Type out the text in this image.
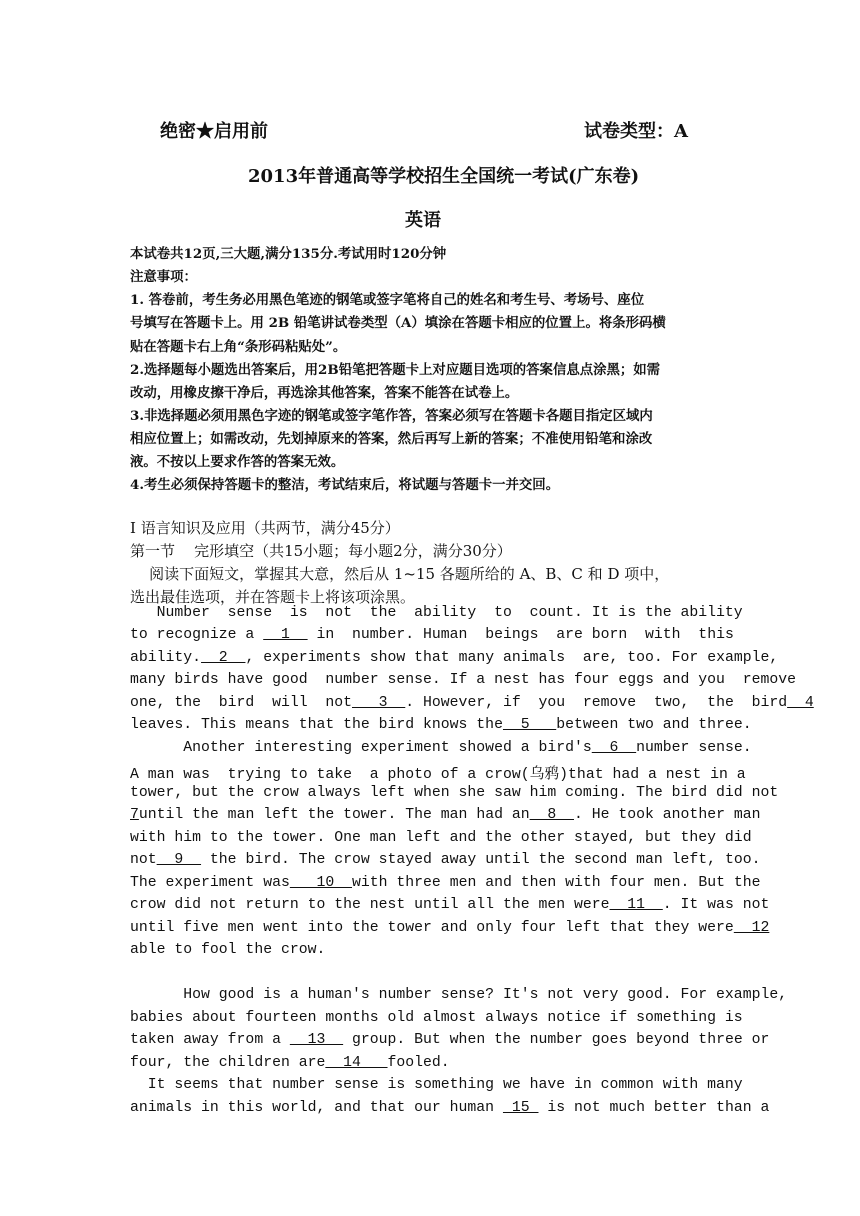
绝密★启用前	试卷类型：A
2013年普通高等学校招生全国统一考试(广东卷)
英语
本试卷共12页,三大题,满分135分.考试用时120分钟
注意事项：
1. 答卷前，考生务必用黑色笔迹的钢笔或签字笔将自己的姓名和考生号、考场号、座位
号填写在答题卡上。用 2B 铅笔讲试卷类型（A）填涂在答题卡相应的位置上。将条形码横
贴在答题卡右上角“条形码粘贴处”。
2.选择题每小题选出答案后，用2B铅笔把答题卡上对应题目选项的答案信息点涂黑；如需
改动，用橡皮擦干净后，再选涂其他答案，答案不能答在试卷上。
3.非选择题必须用黑色字迹的钢笔或签字笔作答，答案必须写在答题卡各题目指定区域内
相应位置上；如需改动，先划掉原来的答案，然后再写上新的答案；不准使用铅笔和涂改
液。不按以上要求作答的答案无效。
4.考生必须保持答题卡的整洁，考试结束后，将试题与答题卡一并交回。
I 语言知识及应用（共两节，满分45分）
第一节    完形填空（共15小题；每小题2分，满分30分）
阅读下面短文，掌握其大意，然后从 1~15 各题所给的 A、B、C 和 D 项中，
选出最佳选项，并在答题卡上将该项涂黑。
Number  sense  is  not  the  ability  to  count. It is the ability
to recognize a   1   in  number. Human  beings  are born  with  this
ability.  2  , experiments show that many animals  are, too. For example,
many birds have good  number sense. If a nest has four eggs and you  remove
one, the  bird  will  not   3  . However, if  you  remove  two,  the  bird  4
leaves. This means that the bird knows the  5   between two and three.
Another interesting experiment showed a bird's  6  number sense.
A man was  trying to take  a photo of a crow(乌鸦)that had a nest in a
tower, but the crow always left when she saw him coming. The bird did not
7until the man left the tower. The man had an  8  . He took another man
with him to the tower. One man left and the other stayed, but they did
not  9   the bird. The crow stayed away until the second man left, too.
The experiment was   10  with three men and then with four men. But the
crow did not return to the nest until all the men were  11  . It was not
until five men went into the tower and only four left that they were  12
able to fool the crow.
How good is a human's number sense? It's not very good. For example,
babies about fourteen months old almost always notice if something is
taken away from a   13   group. But when the number goes beyond three or
four, the children are  14   fooled.
It seems that number sense is something we have in common with many
animals in this world, and that our human  15  is not much better than a
